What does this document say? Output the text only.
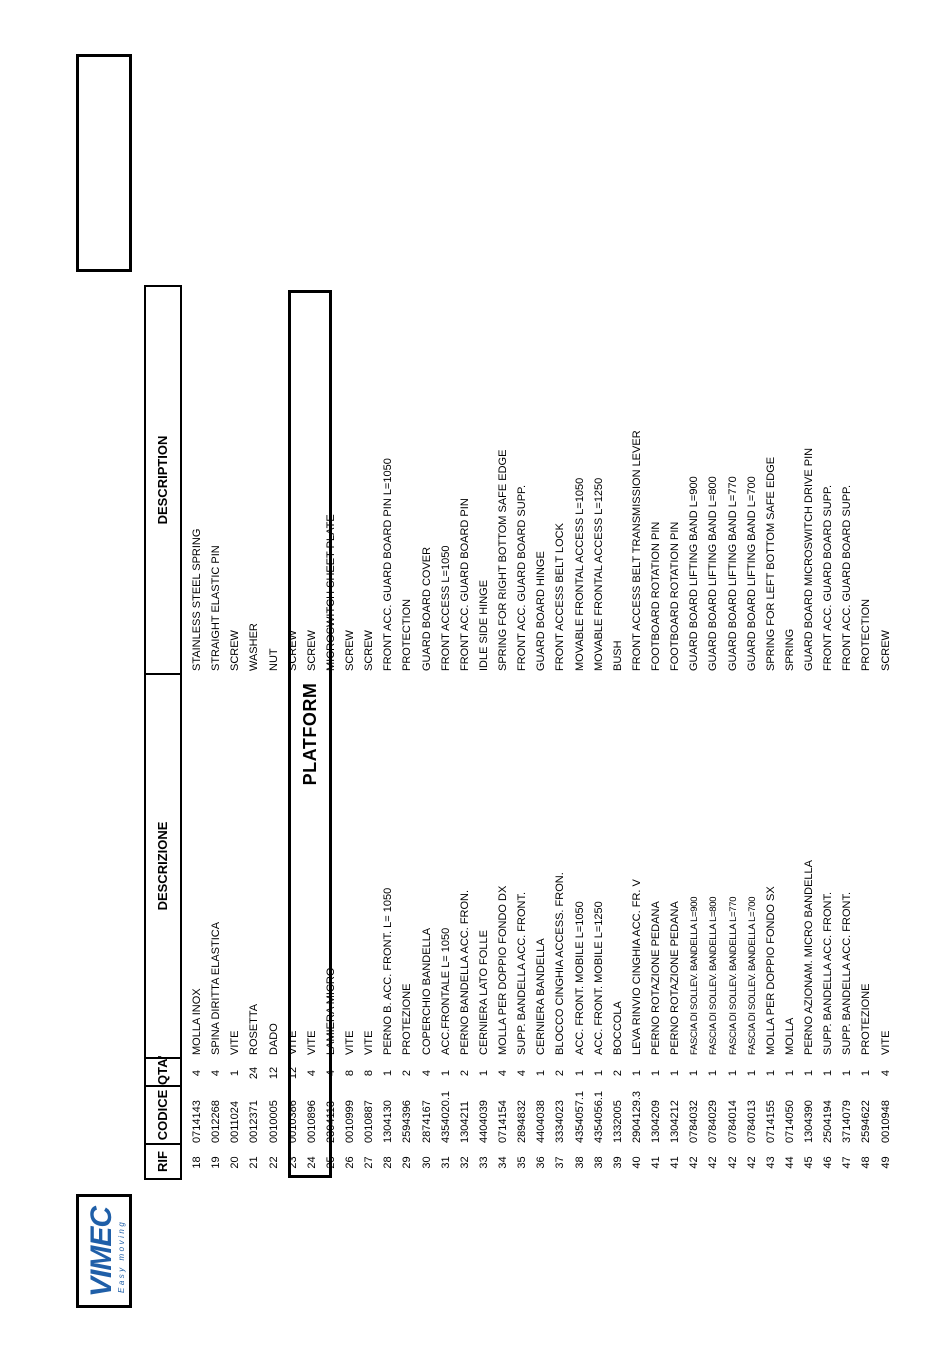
VIMEC Easy moving
PLATFORM
RIF
CODICE
QTA'
DESCRIZIONE
DESCRIPTION
18
0714143
4
MOLLA INOX
STAINLESS STEEL SPRING
19
0012268
4
SPINA DIRITTA ELASTICA
STRAIGHT ELASTIC PIN
20
0011024
1
VITE
SCREW
21
0012371
24
ROSETTA
WASHER
22
0010005
12
DADO
NUT
23
0010386
12
VITE
SCREW
24
0010896
4
VITE
SCREW
25
2304113
4
LAMIERA MICRO
MICROSWITCH SHEET PLATE
26
0010999
8
VITE
SCREW
27
0010887
8
VITE
SCREW
28
1304130
1
PERNO B. ACC. FRONT. L= 1050
FRONT ACC. GUARD BOARD PIN L=1050
29
2594396
2
PROTEZIONE
PROTECTION
30
2874167
4
COPERCHIO BANDELLA
GUARD BOARD COVER
31
4354020.1
1
ACC.FRONTALE L= 1050
FRONT ACCESS L=1050
32
1304211
2
PERNO BANDELLA ACC. FRON.
FRONT ACC. GUARD BOARD PIN
33
4404039
1
CERNIERA LATO FOLLE
IDLE SIDE HINGE
34
0714154
4
MOLLA PER DOPPIO FONDO DX
SPRING FOR RIGHT BOTTOM SAFE EDGE
35
2894832
4
SUPP. BANDELLA ACC. FRONT.
FRONT ACC. GUARD BOARD SUPP.
36
4404038
1
CERNIERA BANDELLA
GUARD BOARD HINGE
37
3334023
2
BLOCCO CINGHIA ACCESS. FRON.
FRONT ACCESS BELT LOCK
38
4354057.1
1
ACC. FRONT. MOBILE L=1050
MOVABLE FRONTAL ACCESS L=1050
38
4354056.1
1
ACC. FRONT. MOBILE L=1250
MOVABLE FRONTAL ACCESS L=1250
39
1332005
2
BOCCOLA
BUSH
40
2904129.3
1
LEVA RINVIO CINGHIA ACC. FR. V
FRONT ACCESS BELT TRANSMISSION LEVER
41
1304209
1
PERNO ROTAZIONE PEDANA
FOOTBOARD ROTATION PIN
41
1304212
1
PERNO ROTAZIONE PEDANA
FOOTBOARD ROTATION PIN
42
0784032
1
FASCIA DI SOLLEV. BANDELLA L=900
GUARD BOARD LIFTING BAND L=900
42
0784029
1
FASCIA DI SOLLEV. BANDELLA L=800
GUARD BOARD LIFTING BAND L=800
42
0784014
1
FASCIA DI SOLLEV. BANDELLA L=770
GUARD BOARD LIFTING BAND L=770
42
0784013
1
FASCIA DI SOLLEV. BANDELLA L=700
GUARD BOARD LIFTING BAND L=700
43
0714155
1
MOLLA PER DOPPIO FONDO SX
SPRING FOR LEFT BOTTOM SAFE EDGE
44
0714050
1
MOLLA
SPRING
45
1304390
1
PERNO AZIONAM. MICRO BANDELLA
GUARD BOARD MICROSWITCH DRIVE PIN
46
2504194
1
SUPP. BANDELLA ACC. FRONT.
FRONT ACC. GUARD BOARD SUPP.
47
3714079
1
SUPP. BANDELLA ACC. FRONT.
FRONT ACC. GUARD BOARD SUPP.
48
2594622
1
PROTEZIONE
PROTECTION
49
0010948
4
VITE
SCREW
